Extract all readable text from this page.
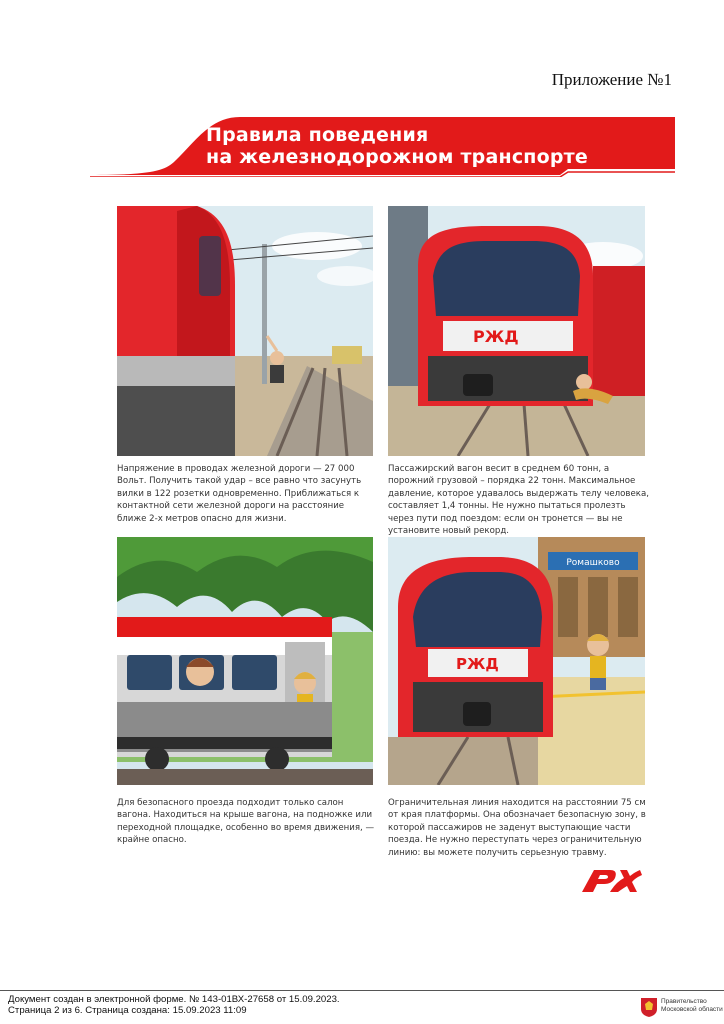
Приложение №1
Правила поведения
на железнодорожном транспорте
Напряжение в проводах железной дороги — 27 000 Вольт. Получить такой удар – все равно что засунуть вилки в 122 розетки одновременно. Приближаться к контактной сети железной дороги на расстояние ближе 2-х метров опасно для жизни.
РЖД
Пассажирский вагон весит в среднем 60 тонн, а порожний грузовой – порядка 22 тонн. Максимальное давление, которое удавалось выдержать телу человека, составляет 1,4 тонны. Не нужно пытаться пролезть через пути под поездом: если он тронется — вы не установите новый рекорд.
Для безопасного проезда подходит только салон вагона. Находиться на крыше вагона, на подножке или переходной площадке, особенно во время движения, — крайне опасно.
Ромашково
РЖД
Ограничительная линия находится на расстоянии 75 см от края платформы. Она обозначает безопасную зону, в которой пассажиров не заденут выступающие части поезда. Не нужно переступать через ограничительную линию: вы можете получить серьезную травму.
Документ создан в электронной форме. № 143-01ВХ-27658 от 15.09.2023.
Страница 2 из 6. Страница создана: 15.09.2023 11:09
Правительство
Московской области
